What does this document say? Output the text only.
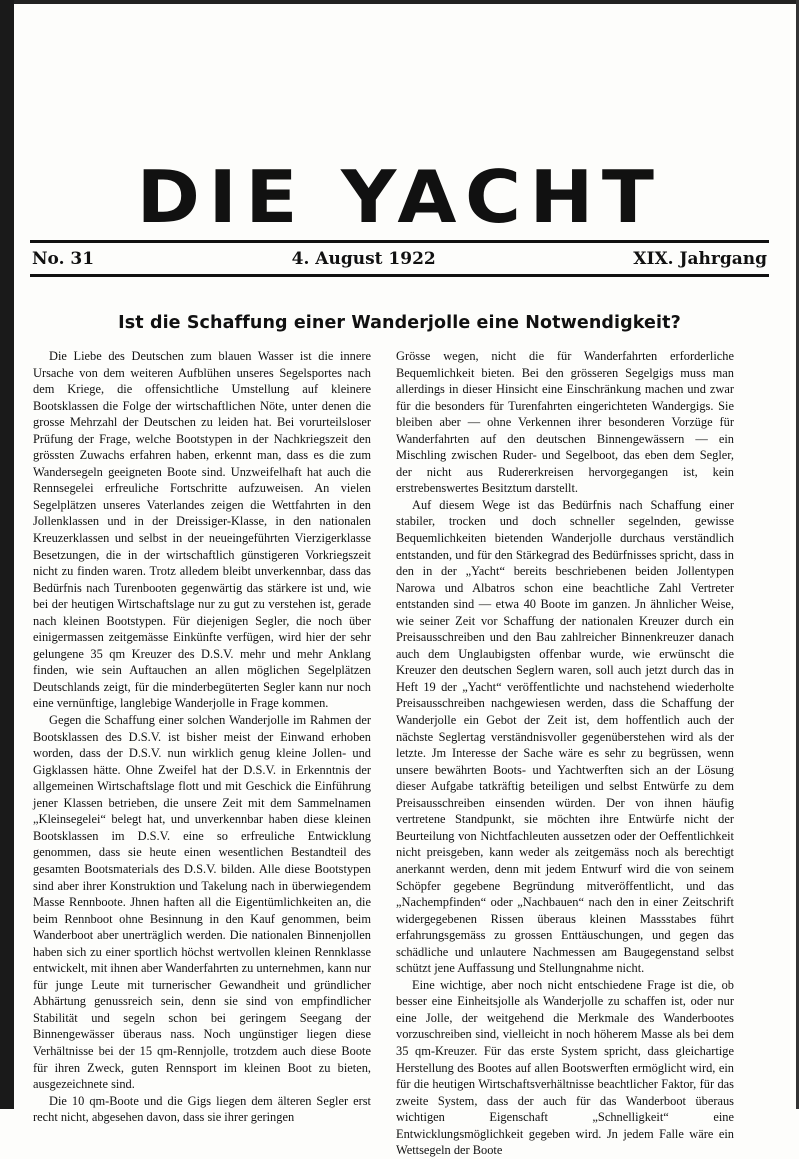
DIE YACHT
No. 31	4. August 1922	XIX. Jahrgang
Ist die Schaffung einer Wanderjolle eine Notwendigkeit?

Die Liebe des Deutschen zum blauen Wasser ist die innere Ursache von dem weiteren Aufblühen unseres Segelsportes nach dem Kriege, die offensichtliche Umstellung auf kleinere Bootsklassen die Folge der wirtschaftlichen Nöte, unter denen die grosse Mehrzahl der Deutschen zu leiden hat. Bei vorurteilsloser Prüfung der Frage, welche Bootstypen in der Nachkriegszeit den grössten Zuwachs erfahren haben, erkennt man, dass es die zum Wandersegeln geeigneten Boote sind. Unzweifelhaft hat auch die Rennsegelei erfreuliche Fortschritte aufzuweisen. An vielen Segelplätzen unseres Vaterlandes zeigen die Wettfahrten in den Jollenklassen und in der Dreissiger-Klasse, in den nationalen Kreuzerklassen und selbst in der neueingeführten Vierzigerklasse Besetzungen, die in der wirtschaftlich günstigeren Vorkriegszeit nicht zu finden waren. Trotz alledem bleibt unverkennbar, dass das Bedürfnis nach Turenbooten gegenwärtig das stärkere ist und, wie bei der heutigen Wirtschaftslage nur zu gut zu verstehen ist, gerade nach kleinen Bootstypen. Für diejenigen Segler, die noch über einigermassen zeitgemässe Einkünfte verfügen, wird hier der sehr gelungene 35 qm Kreuzer des D.S.V. mehr und mehr Anklang finden, wie sein Auftauchen an allen möglichen Segelplätzen Deutschlands zeigt, für die minderbegüterten Segler kann nur noch eine vernünftige, langlebige Wanderjolle in Frage kommen.

Gegen die Schaffung einer solchen Wanderjolle im Rahmen der Bootsklassen des D.S.V. ist bisher meist der Einwand erhoben worden, dass der D.S.V. nun wirklich genug kleine Jollen- und Gigklassen hätte. Ohne Zweifel hat der D.S.V. in Erkenntnis der allgemeinen Wirtschaftslage flott und mit Geschick die Einführung jener Klassen betrieben, die unsere Zeit mit dem Sammelnamen „Kleinsegelei“ belegt hat, und unverkennbar haben diese kleinen Bootsklassen im D.S.V. eine so erfreuliche Entwicklung genommen, dass sie heute einen wesentlichen Bestandteil des gesamten Bootsmaterials des D.S.V. bilden. Alle diese Bootstypen sind aber ihrer Konstruktion und Takelung nach in überwiegendem Masse Rennboote. Jhnen haften all die Eigentümlichkeiten an, die beim Rennboot ohne Besinnung in den Kauf genommen, beim Wanderboot aber unerträglich werden. Die nationalen Binnenjollen haben sich zu einer sportlich höchst wertvollen kleinen Rennklasse entwickelt, mit ihnen aber Wanderfahrten zu unternehmen, kann nur für junge Leute mit turnerischer Gewandheit und gründlicher Abhärtung genussreich sein, denn sie sind von empfindlicher Stabilität und segeln schon bei geringem Seegang der Binnengewässer überaus nass. Noch ungünstiger liegen diese Verhältnisse bei der 15 qm-Rennjolle, trotzdem auch diese Boote für ihren Zweck, guten Rennsport im kleinen Boot zu bieten, ausgezeichnete sind.

Die 10 qm-Boote und die Gigs liegen dem älteren Segler erst recht nicht, abgesehen davon, dass sie ihrer geringen

Grösse wegen, nicht die für Wanderfahrten erforderliche Bequemlichkeit bieten. Bei den grösseren Segelgigs muss man allerdings in dieser Hinsicht eine Einschränkung machen und zwar für die besonders für Turenfahrten eingerichteten Wandergigs. Sie bleiben aber — ohne Verkennen ihrer besonderen Vorzüge für Wanderfahrten auf den deutschen Binnengewässern — ein Mischling zwischen Ruder- und Segelboot, das eben dem Segler, der nicht aus Rudererkreisen hervorgegangen ist, kein erstrebenswertes Besitztum darstellt.

Auf diesem Wege ist das Bedürfnis nach Schaffung einer stabiler, trocken und doch schneller segelnden, gewisse Bequemlichkeiten bietenden Wanderjolle durchaus verständlich entstanden, und für den Stärkegrad des Bedürfnisses spricht, dass in den in der „Yacht“ bereits beschriebenen beiden Jollentypen Narowa und Albatros schon eine beachtliche Zahl Vertreter entstanden sind — etwa 40 Boote im ganzen. Jn ähnlicher Weise, wie seiner Zeit vor Schaffung der nationalen Kreuzer durch ein Preisausschreiben und den Bau zahlreicher Binnenkreuzer danach auch dem Unglaubigsten offenbar wurde, wie erwünscht die Kreuzer den deutschen Seglern waren, soll auch jetzt durch das in Heft 19 der „Yacht“ veröffentlichte und nachstehend wiederholte Preisausschreiben nachgewiesen werden, dass die Schaffung der Wanderjolle ein Gebot der Zeit ist, dem hoffentlich auch der nächste Seglertag verständnisvoller gegenüberstehen wird als der letzte. Jm Interesse der Sache wäre es sehr zu begrüssen, wenn unsere bewährten Boots- und Yachtwerften sich an der Lösung dieser Aufgabe tatkräftig beteiligen und selbst Entwürfe zu dem Preisausschreiben einsenden würden. Der von ihnen häufig vertretene Standpunkt, sie möchten ihre Entwürfe nicht der Beurteilung von Nichtfachleuten aussetzen oder der Oeffentlichkeit nicht preisgeben, kann weder als zeitgemäss noch als berechtigt anerkannt werden, denn mit jedem Entwurf wird die von seinem Schöpfer gegebene Begründung mitveröffentlicht, und das „Nachempfinden“ oder „Nachbauen“ nach den in einer Zeitschrift widergegebenen Rissen überaus kleinen Massstabes führt erfahrungsgemäss zu grossen Enttäuschungen, und gegen das schädliche und unlautere Nachmessen am Baugegenstand selbst schützt jene Auffassung und Stellungnahme nicht.

Eine wichtige, aber noch nicht entschiedene Frage ist die, ob besser eine Einheitsjolle als Wanderjolle zu schaffen ist, oder nur eine Jolle, der weitgehend die Merkmale des Wanderbootes vorzuschreiben sind, vielleicht in noch höherem Masse als bei dem 35 qm-Kreuzer. Für das erste System spricht, dass gleichartige Herstellung des Bootes auf allen Bootswerften ermöglicht wird, ein für die heutigen Wirtschaftsverhältnisse beachtlicher Faktor, für das zweite System, dass der auch für das Wanderboot überaus wichtigen Eigenschaft „Schnelligkeit“ eine Entwicklungsmöglichkeit gegeben wird. Jn jedem Falle wäre ein Wettsegeln der Boote
